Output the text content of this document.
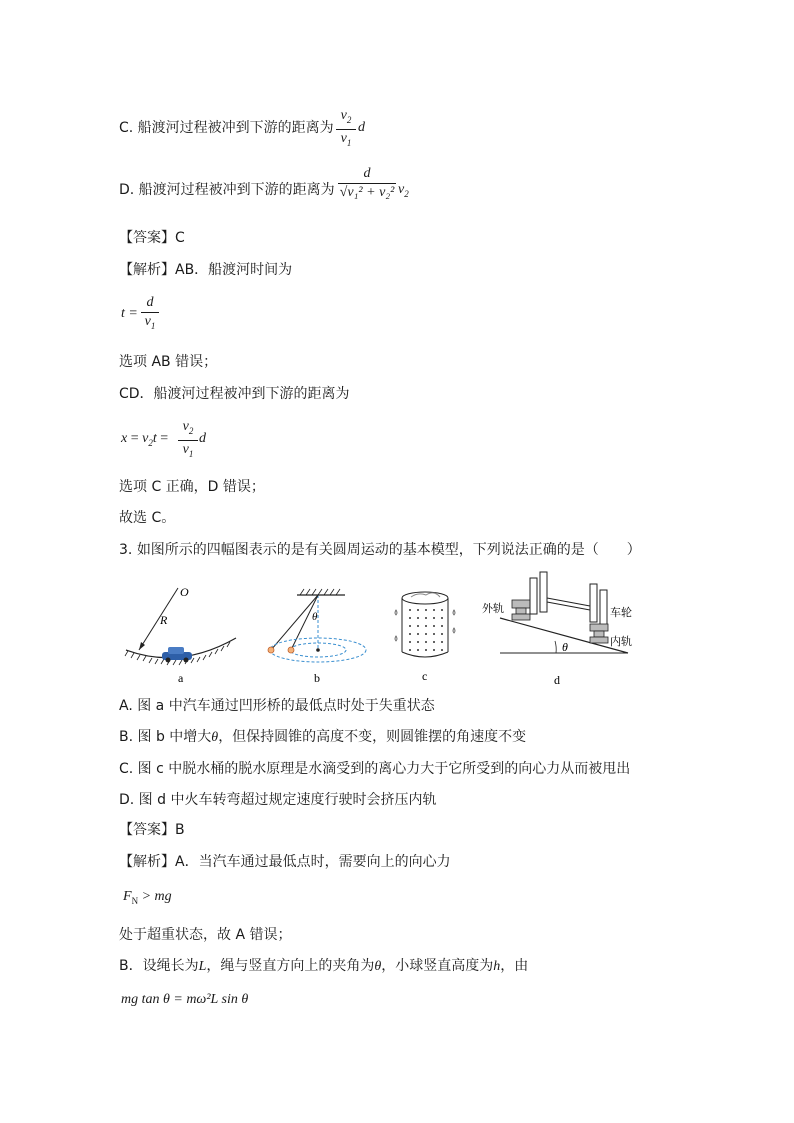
C. 船渡河过程被冲到下游的距离为
$v_2$
$v_1$
d
D. 船渡河过程被冲到下游的距离为
d
√v₁² + v₂² $v_2$
【答案】C
【解析】AB．船渡河时间为
t =
d
$v_1$
选项 AB 错误；
CD．船渡河过程被冲到下游的距离为
$x = v_2t$ =
$v_2$
$v_1$
d
选项 C 正确，D 错误；
故选 C。
3. 如图所示的四幅图表示的是有关圆周运动的基本模型，下列说法正确的是（　　）
O
R
a
θ
b	c
外轨	车轮
内轨
θ
d
A. 图 a 中汽车通过凹形桥的最低点时处于失重状态
B. 图 b 中增大θ，但保持圆锥的高度不变，则圆锥摆的角速度不变
C. 图 c 中脱水桶的脱水原理是水滴受到的离心力大于它所受到的向心力从而被甩出
D. 图 d 中火车转弯超过规定速度行驶时会挤压内轨
【答案】B
【解析】A．当汽车通过最低点时，需要向上的向心力
$F_N$ > mg
处于超重状态，故 A 错误；
B．设绳长为L，绳与竖直方向上的夹角为θ，小球竖直高度为h，由
mg tan θ = mω²L sin θ
